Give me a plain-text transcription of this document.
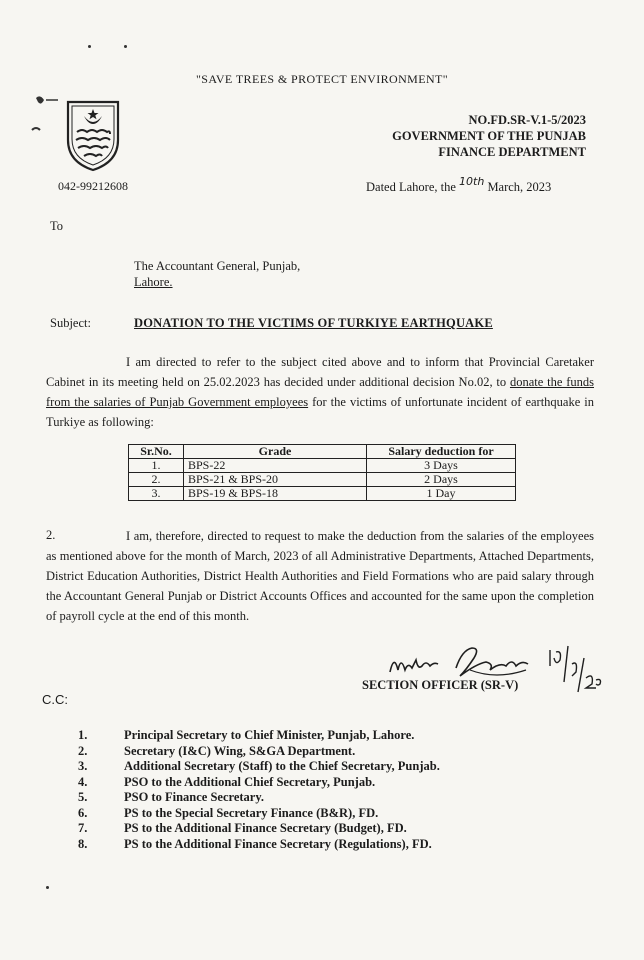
"SAVE TREES & PROTECT ENVIRONMENT"
NO.FD.SR-V.1-5/2023
GOVERNMENT OF THE PUNJAB
FINANCE DEPARTMENT
042-99212608	Dated Lahore, the $^{10th}$ March, 2023
To
The Accountant General, Punjab,
Lahore.
Subject:	DONATION TO THE VICTIMS OF TURKIYE EARTHQUAKE
I am directed to refer to the subject cited above and to inform that Provincial Caretaker Cabinet in its meeting held on 25.02.2023 has decided under additional decision No.02, to donate the funds from the salaries of Punjab Government employees for the victims of unfortunate incident of earthquake in Turkiye as following:
Sr.No.	Grade	Salary deduction for
1.	BPS-22	3 Days
2.	BPS-21 & BPS-20	2 Days
3.	BPS-19 & BPS-18	1 Day
2.	I am, therefore, directed to request to make the deduction from the salaries of the employees as mentioned above for the month of March, 2023 of all Administrative Departments, Attached Departments, District Education Authorities, District Health Authorities and Field Formations who are paid salary through the Accountant General Punjab or District Accounts Offices and accounted for the same upon the completion of payroll cycle at the end of this month.
SECTION OFFICER (SR-V)
C.C:
1.	Principal Secretary to Chief Minister, Punjab, Lahore.
2.	Secretary (I&C) Wing, S&GA Department.
3.	Additional Secretary (Staff) to the Chief Secretary, Punjab.
4.	PSO to the Additional Chief Secretary, Punjab.
5.	PSO to Finance Secretary.
6.	PS to the Special Secretary Finance (B&R), FD.
7.	PS to the Additional Finance Secretary (Budget), FD.
8.	PS to the Additional Finance Secretary (Regulations), FD.
